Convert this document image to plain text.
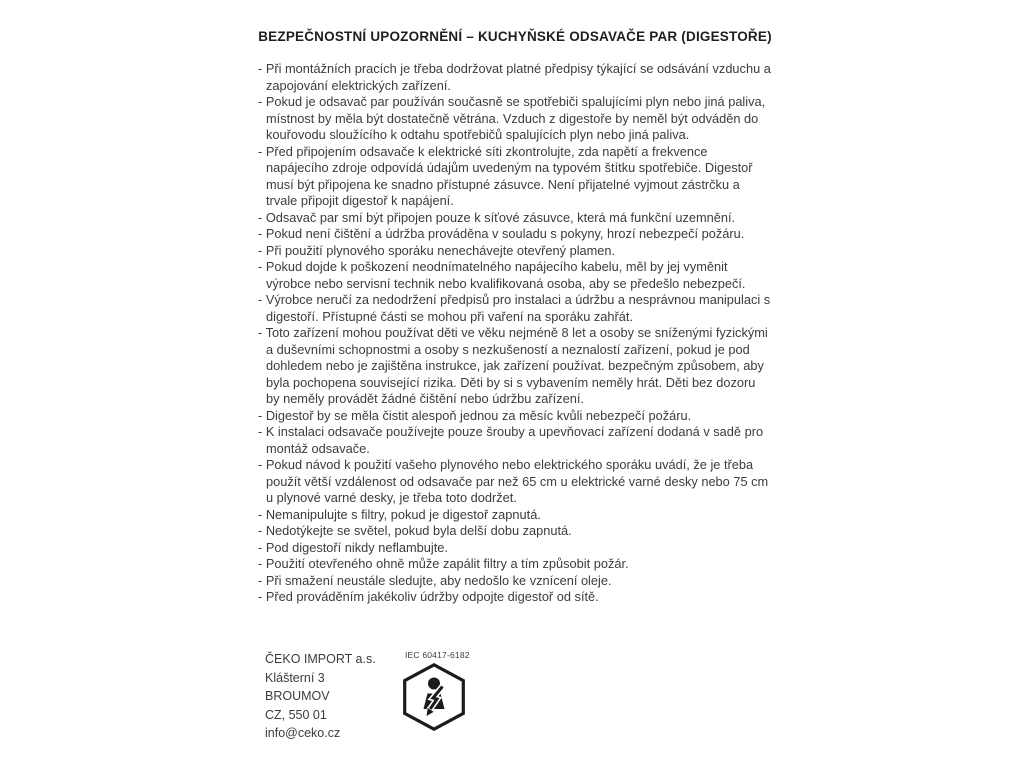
BEZPEČNOSTNÍ UPOZORNĚNÍ – KUCHYŇSKÉ ODSAVAČE PAR (DIGESTOŘE)

- Při montážních pracích je třeba dodržovat platné předpisy týkající se odsávání vzduchu a zapojování elektrických zařízení.

- Pokud je odsavač par používán současně se spotřebiči spalujícími plyn nebo jiná paliva, místnost by měla být dostatečně větrána. Vzduch z digestoře by neměl být odváděn do kouřovodu sloužícího k odtahu spotřebičů spalujících plyn nebo jiná paliva.

- Před připojením odsavače k elektrické síti zkontrolujte, zda napětí a frekvence napájecího zdroje odpovídá údajům uvedeným na typovém štítku spotřebiče. Digestoř musí být připojena ke snadno přístupné zásuvce. Není přijatelné vyjmout zástrčku a trvale připojit digestoř k napájení.

- Odsavač par smí být připojen pouze k síťové zásuvce, která má funkční uzemnění.

- Pokud není čištění a údržba prováděna v souladu s pokyny, hrozí nebezpečí požáru.

- Při použití plynového sporáku nenechávejte otevřený plamen.

- Pokud dojde k poškození neodnímatelného napájecího kabelu, měl by jej vyměnit výrobce nebo servisní technik nebo kvalifikovaná osoba, aby se předešlo nebezpečí.

- Výrobce neručí za nedodržení předpisů pro instalaci a údržbu a nesprávnou manipulaci s digestoří. Přístupné části se mohou při vaření na sporáku zahřát.

- Toto zařízení mohou používat děti ve věku nejméně 8 let a osoby se sníženými fyzickými a duševními schopnostmi a osoby s nezkušeností a neznalostí zařízení, pokud je pod dohledem nebo je zajištěna instrukce, jak zařízení používat. bezpečným způsobem, aby byla pochopena související rizika. Děti by si s vybavením neměly hrát. Děti bez dozoru by neměly provádět žádné čištění nebo údržbu zařízení.

- Digestoř by se měla čistit alespoň jednou za měsíc kvůli nebezpečí požáru.

- K instalaci odsavače používejte pouze šrouby a upevňovací zařízení dodaná v sadě pro montáž odsavače.

- Pokud návod k použití vašeho plynového nebo elektrického sporáku uvádí, že je třeba použít větší vzdálenost od odsavače par než 65 cm u elektrické varné desky nebo 75 cm u plynové varné desky, je třeba toto dodržet.

- Nemanipulujte s filtry, pokud je digestoř zapnutá.

- Nedotýkejte se světel, pokud byla delší dobu zapnutá.

- Pod digestoří nikdy neflambujte.

- Použití otevřeného ohně může zapálit filtry a tím způsobit požár.

- Při smažení neustále sledujte, aby nedošlo ke vznícení oleje.

- Před prováděním jakékoliv údržby odpojte digestoř od sítě.

ČEKO IMPORT a.s.
Klášterní 3
BROUMOV
CZ, 550 01
info@ceko.cz
IEC 60417-6182
